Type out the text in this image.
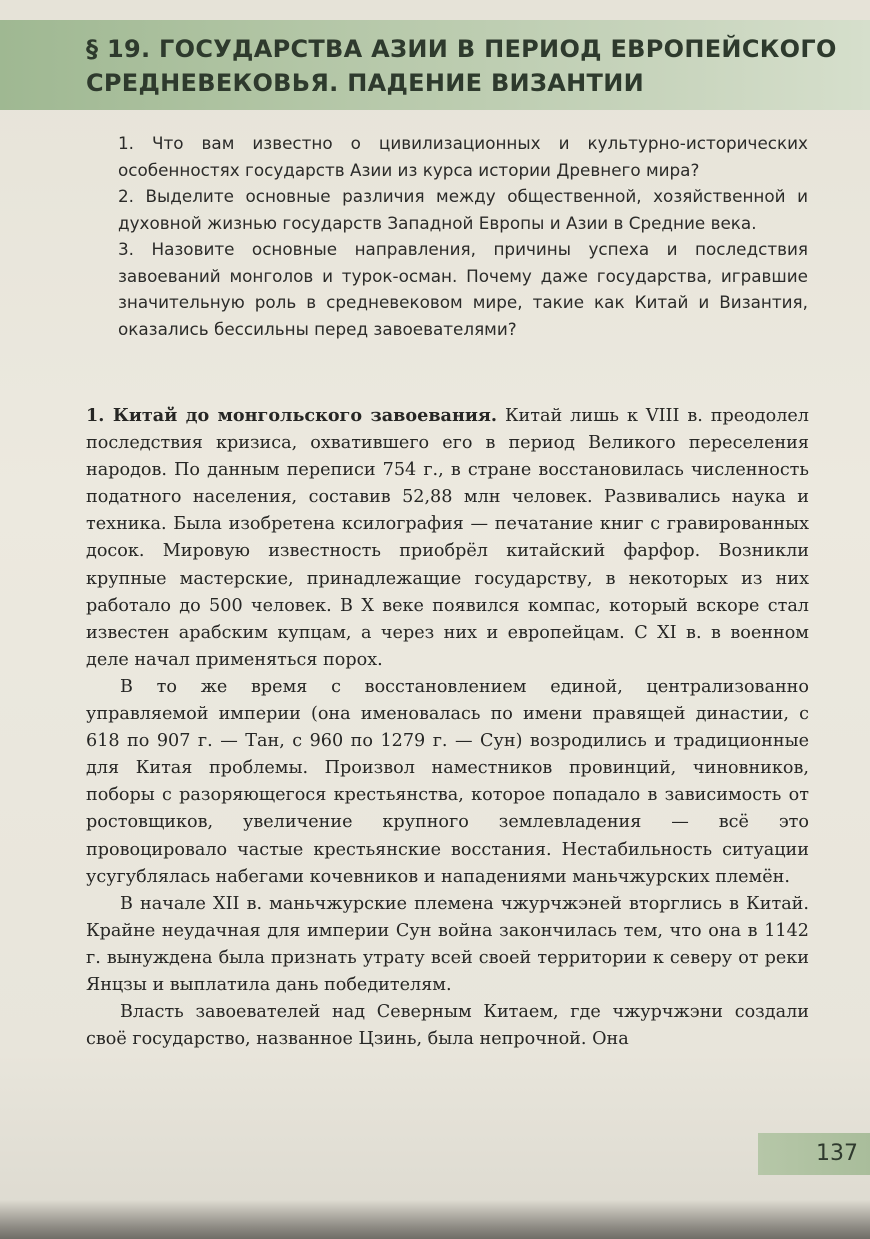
§ 19. ГОСУДАРСТВА АЗИИ В ПЕРИОД ЕВРОПЕЙСКОГО
СРЕДНЕВЕКОВЬЯ. ПАДЕНИЕ ВИЗАНТИИ

1. Что вам известно о цивилизационных и культурно-исторических особенностях государств Азии из курса истории Древнего мира?

2. Выделите основные различия между общественной, хозяйственной и духовной жизнью государств Западной Европы и Азии в Средние века.

3. Назовите основные направления, причины успеха и последствия завоеваний монголов и турок-осман. Почему даже государства, игравшие значительную роль в средневековом мире, такие как Китай и Византия, оказались бессильны перед завоевателями?

1. Китай до монгольского завоевания. Китай лишь к VIII в. преодолел последствия кризиса, охватившего его в период Великого переселения народов. По данным переписи 754 г., в стране восстановилась численность податного населения, составив 52,88 млн человек. Развивались наука и техника. Была изобретена ксилография — печатание книг с гравированных досок. Мировую известность приобрёл китайский фарфор. Возникли крупные мастерские, принадлежащие государству, в некоторых из них работало до 500 человек. В X веке появился компас, который вскоре стал известен арабским купцам, а через них и европейцам. С XI в. в военном деле начал применяться порох.

В то же время с восстановлением единой, централизованно управляемой империи (она именовалась по имени правящей династии, с 618 по 907 г. — Тан, с 960 по 1279 г. — Сун) возродились и традиционные для Китая проблемы. Произвол наместников провинций, чиновников, поборы с разоряющегося крестьянства, которое попадало в зависимость от ростовщиков, увеличение крупного землевладения — всё это провоцировало частые крестьянские восстания. Нестабильность ситуации усугублялась набегами кочевников и нападениями маньчжурских племён.

В начале XII в. маньчжурские племена чжурчжэней вторглись в Китай. Крайне неудачная для империи Сун война закончилась тем, что она в 1142 г. вынуждена была признать утрату всей своей территории к северу от реки Янцзы и выплатила дань победителям.

Власть завоевателей над Северным Китаем, где чжурчжэни создали своё государство, названное Цзинь, была непрочной. Она

137
